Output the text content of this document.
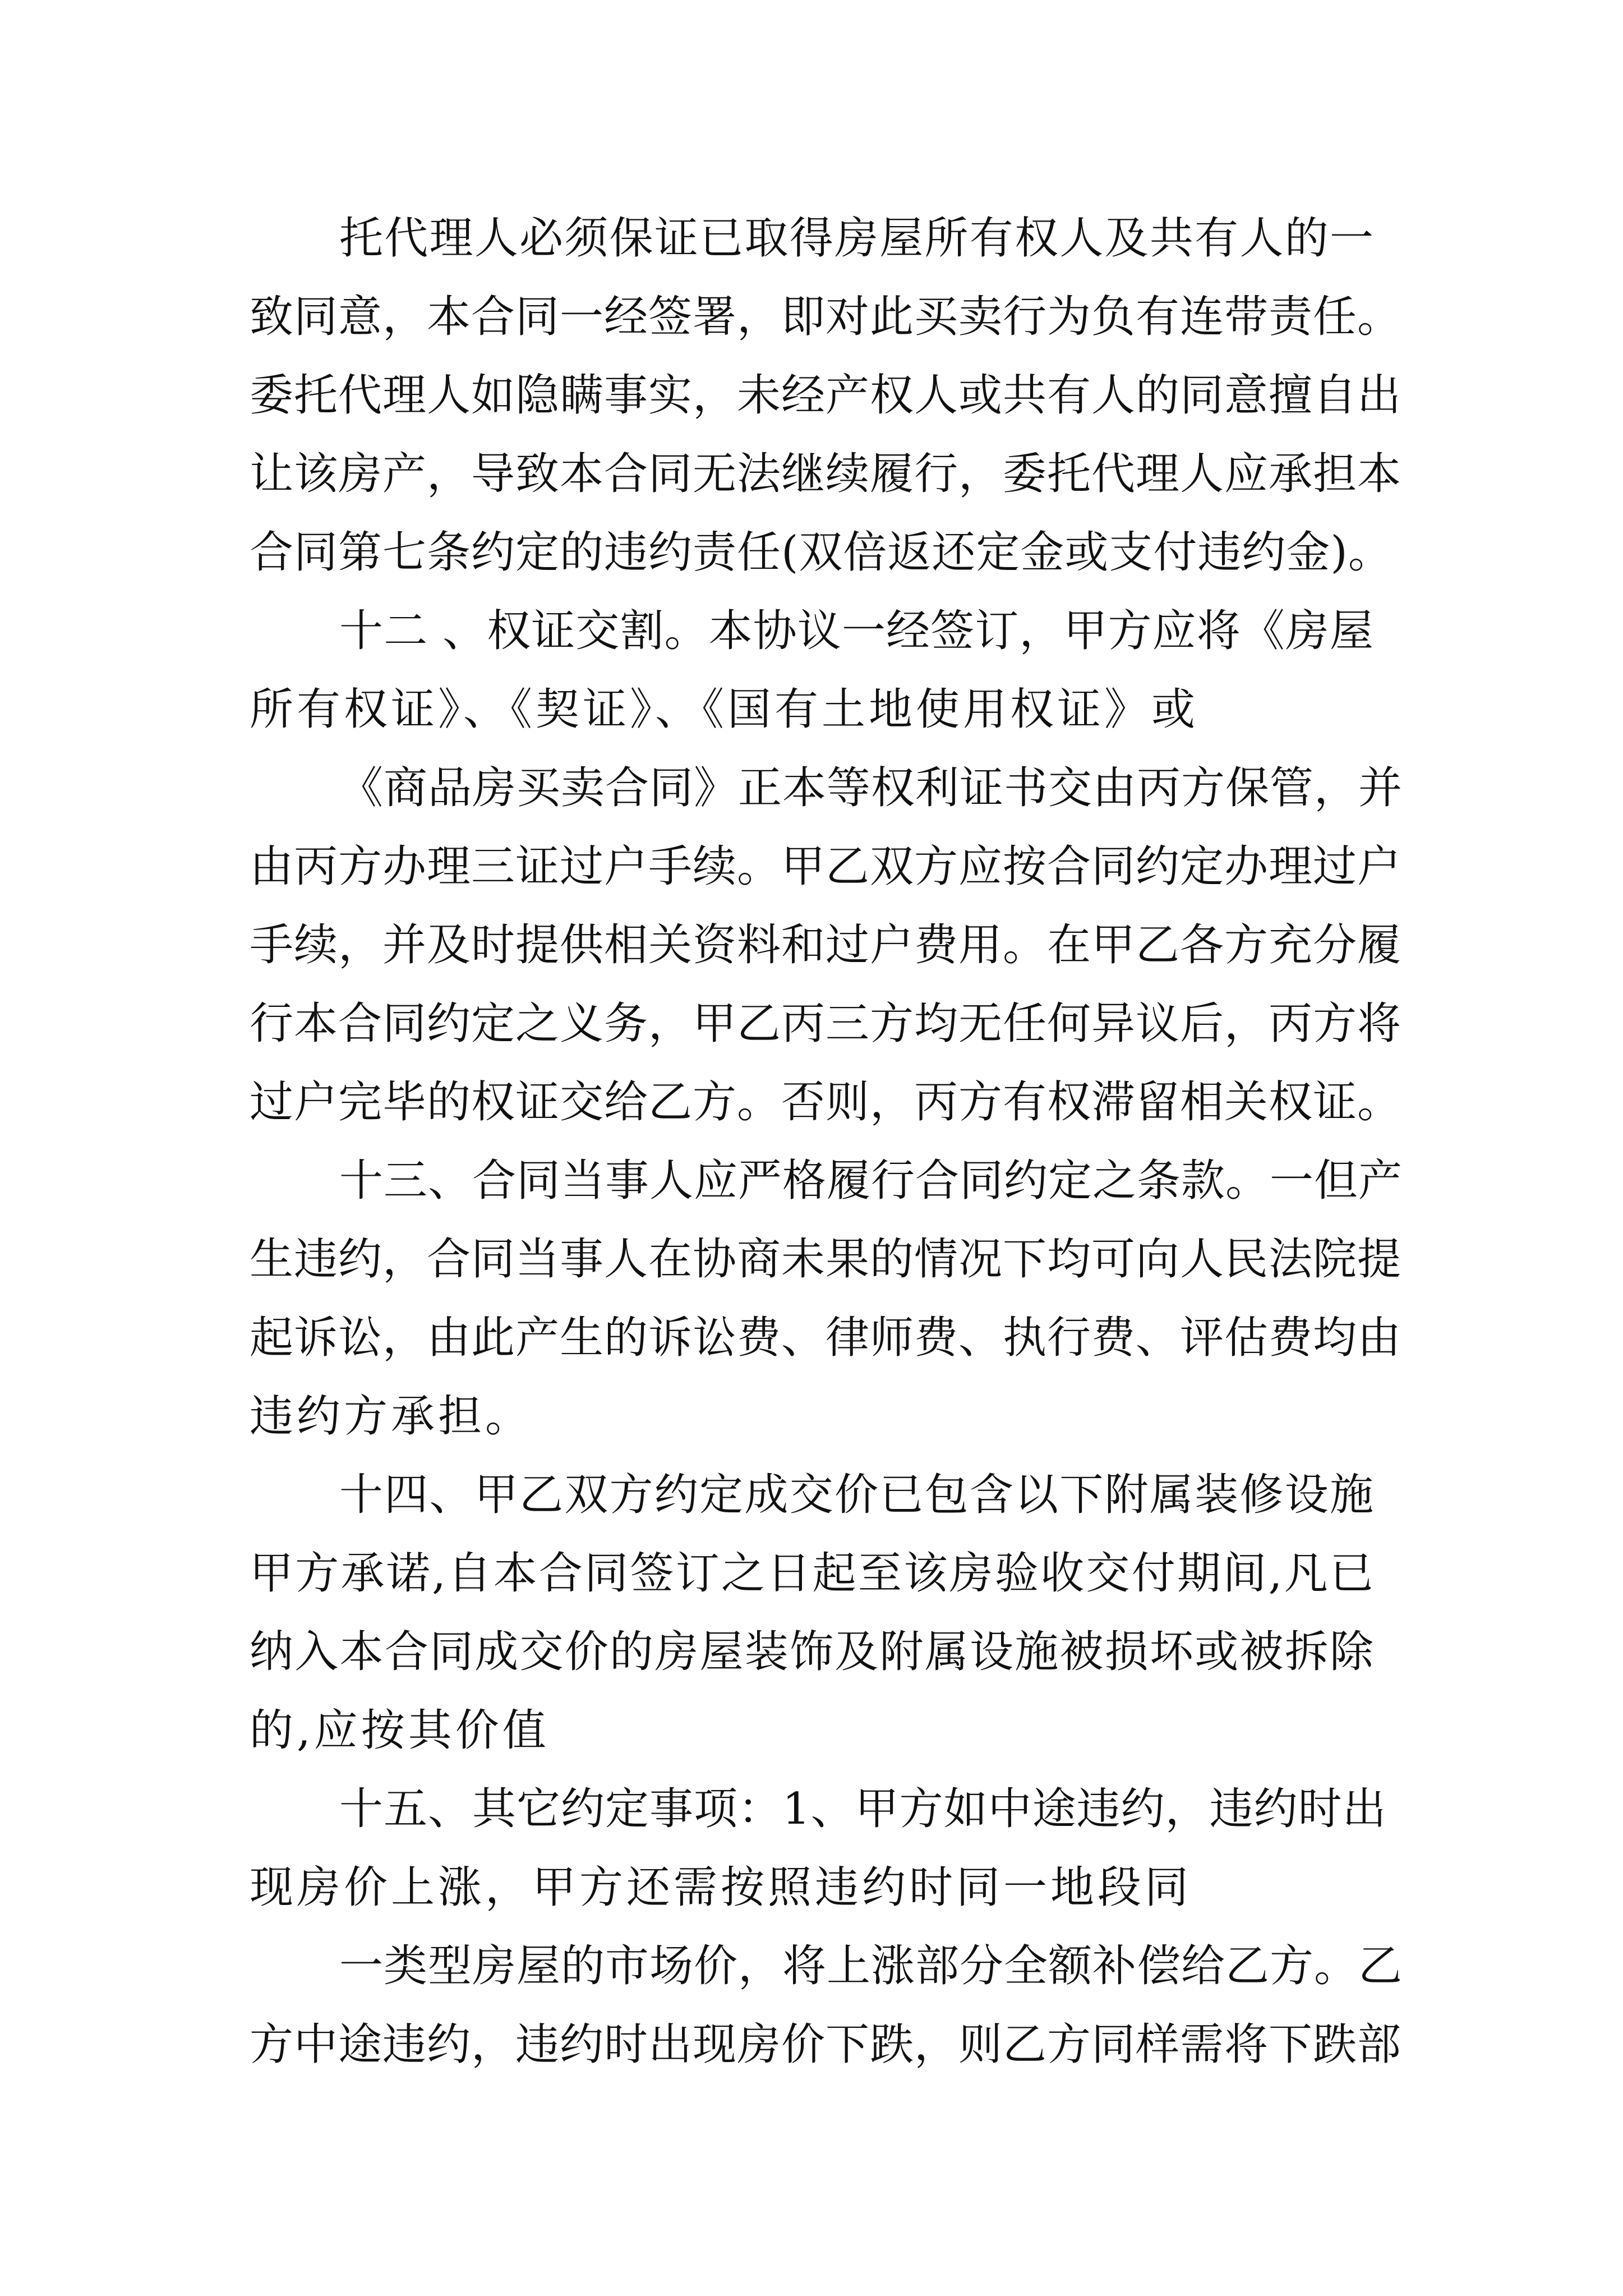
托代理人必须保证已取得房屋所有权人及共有人的一
致同意，本合同一经签署，即对此买卖行为负有连带责任。
委托代理人如隐瞒事实，未经产权人或共有人的同意擅自出
让该房产，导致本合同无法继续履行，委托代理人应承担本
合同第七条约定的违约责任(双倍返还定金或支付违约金)。
十二 、权证交割。本协议一经签订，甲方应将《房屋
所有权证》、《契证》、《国有土地使用权证》或
《商品房买卖合同》正本等权利证书交由丙方保管，并
由丙方办理三证过户手续。甲乙双方应按合同约定办理过户
手续，并及时提供相关资料和过户费用。在甲乙各方充分履
行本合同约定之义务，甲乙丙三方均无任何异议后，丙方将
过户完毕的权证交给乙方。否则，丙方有权滞留相关权证。
十三、合同当事人应严格履行合同约定之条款。一但产
生违约，合同当事人在协商未果的情况下均可向人民法院提
起诉讼，由此产生的诉讼费、律师费、执行费、评估费均由
违约方承担。
十四、甲乙双方约定成交价已包含以下附属装修设施
甲方承诺,自本合同签订之日起至该房验收交付期间,凡已
纳入本合同成交价的房屋装饰及附属设施被损坏或被拆除
的,应按其价值
十五、其它约定事项：1、甲方如中途违约，违约时出
现房价上涨，甲方还需按照违约时同一地段同
一类型房屋的市场价，将上涨部分全额补偿给乙方。乙
方中途违约，违约时出现房价下跌，则乙方同样需将下跌部
